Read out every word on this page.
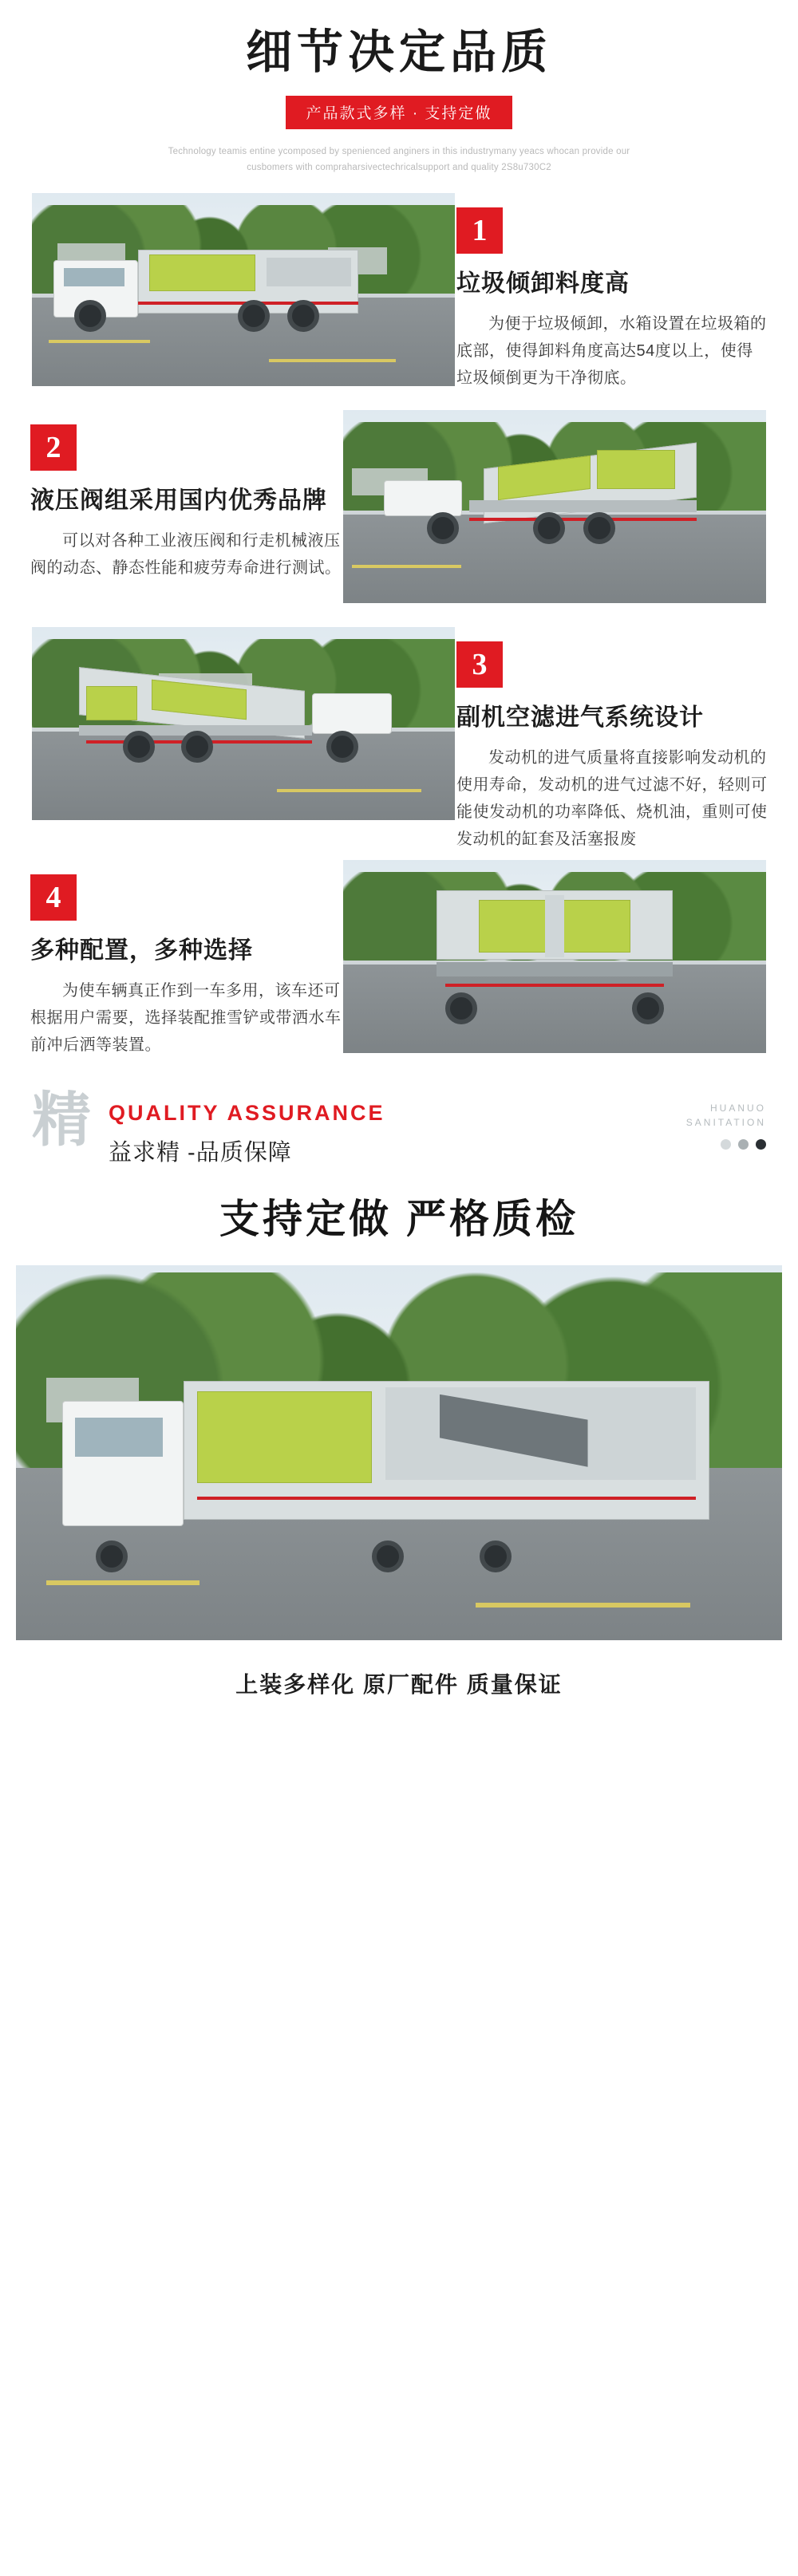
细节决定品质
产品款式多样 · 支持定做
Technology teamis entine ycomposed by spenienced anginers in this industrymany yeacs whocan provide our cusbomers with compraharsivectechricalsupport and quality 2S8u730C2
1
垃圾倾卸料度高
为便于垃圾倾卸，水箱设置在垃圾箱的底部，使得卸料角度高达54度以上，使得垃圾倾倒更为干净彻底。
2
液压阀组采用国内优秀品牌
可以对各种工业液压阀和行走机械液压阀的动态、静态性能和疲劳寿命进行测试。
3
副机空滤进气系统设计
发动机的进气质量将直接影响发动机的使用寿命，发动机的进气过滤不好，轻则可能使发动机的功率降低、烧机油，重则可使发动机的缸套及活塞报废
4
多种配置，多种选择
为使车辆真正作到一车多用，该车还可根据用户需要，选择装配推雪铲或带洒水车前冲后洒等装置。
精 QUALITY ASSURANCE
益求精 -品质保障
HUANUO
SANITATION
支持定做 严格质检
上装多样化 原厂配件 质量保证
